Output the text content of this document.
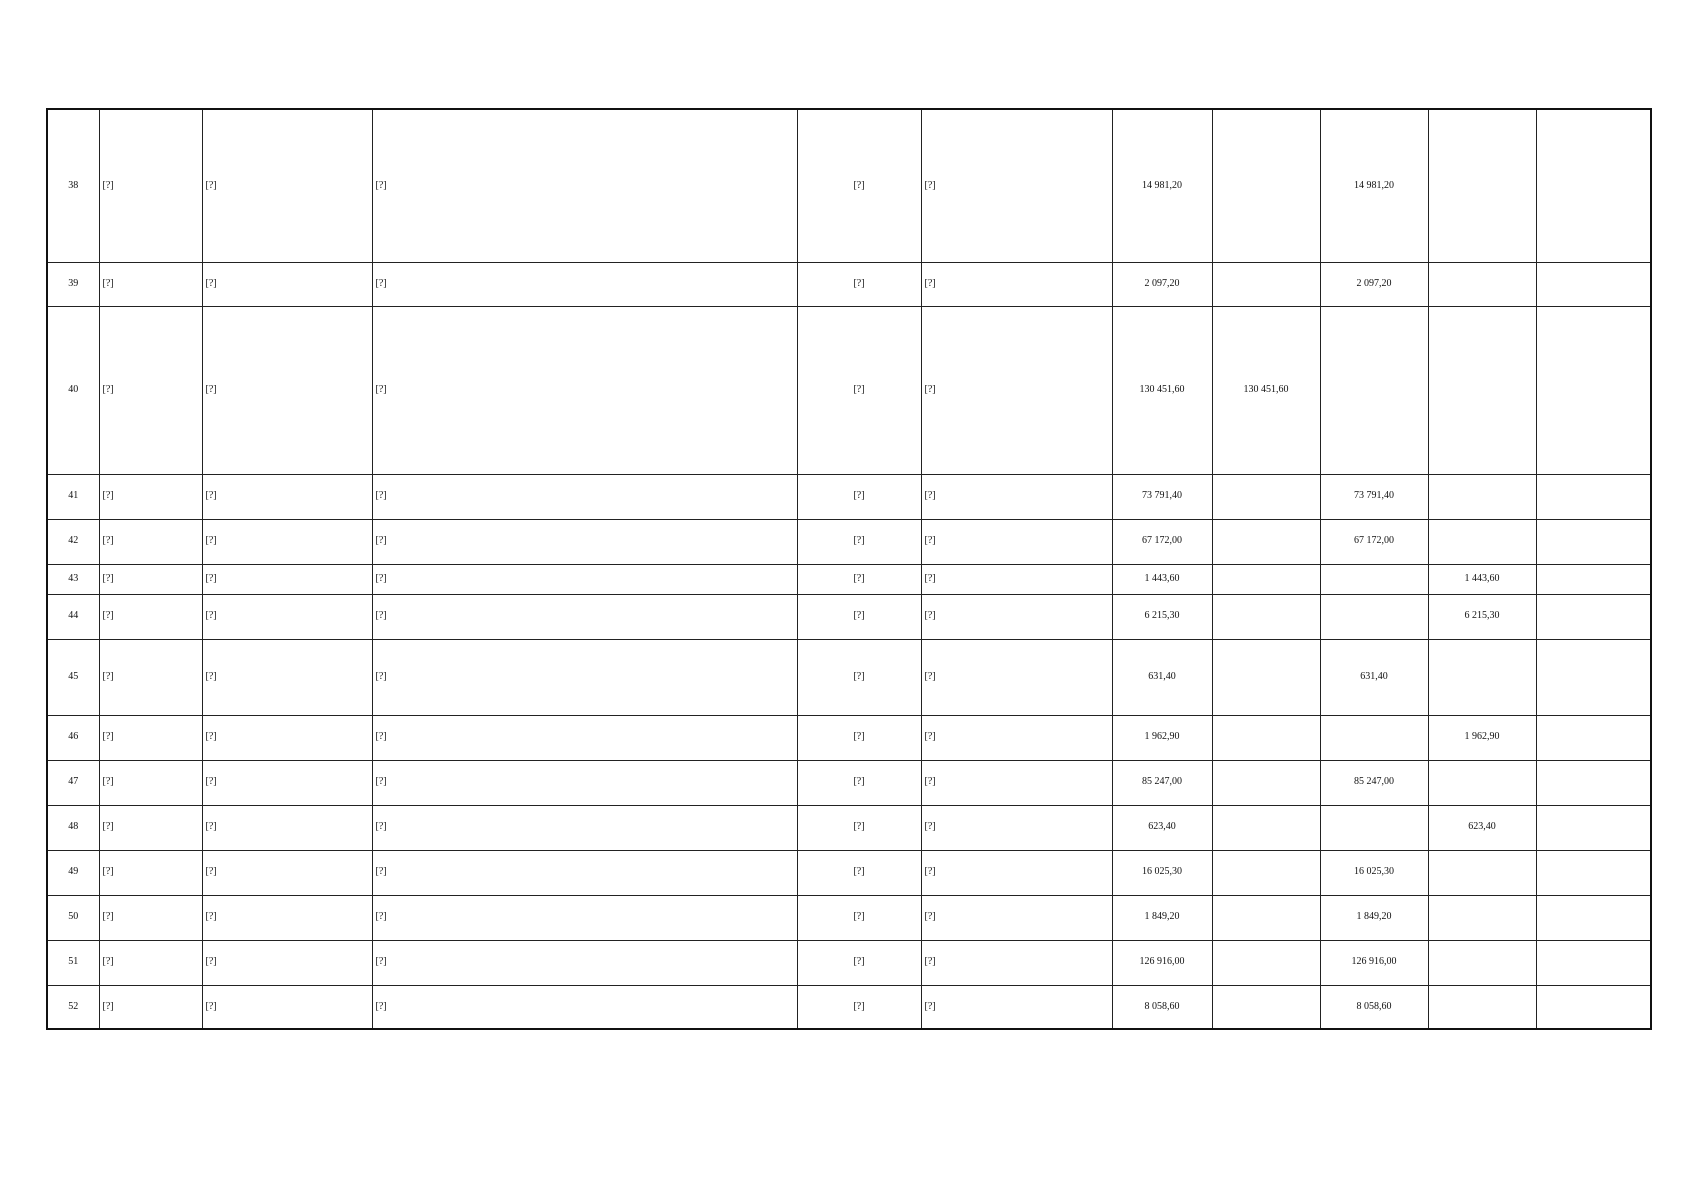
38	[?]	[?]	[?]	[?]	[?]	14 981,20		14 981,20		
39	[?]	[?]	[?]	[?]	[?]	2 097,20		2 097,20		
40	[?]	[?]	[?]	[?]	[?]	130 451,60	130 451,60			
41	[?]	[?]	[?]	[?]	[?]	73 791,40		73 791,40		
42	[?]	[?]	[?]	[?]	[?]	67 172,00		67 172,00		
43	[?]	[?]	[?]	[?]	[?]	1 443,60			1 443,60	
44	[?]	[?]	[?]	[?]	[?]	6 215,30			6 215,30	
45	[?]	[?]	[?]	[?]	[?]	631,40		631,40		
46	[?]	[?]	[?]	[?]	[?]	1 962,90			1 962,90	
47	[?]	[?]	[?]	[?]	[?]	85 247,00		85 247,00		
48	[?]	[?]	[?]	[?]	[?]	623,40			623,40	
49	[?]	[?]	[?]	[?]	[?]	16 025,30		16 025,30		
50	[?]	[?]	[?]	[?]	[?]	1 849,20		1 849,20		
51	[?]	[?]	[?]	[?]	[?]	126 916,00		126 916,00		
52	[?]	[?]	[?]	[?]	[?]	8 058,60		8 058,60		
